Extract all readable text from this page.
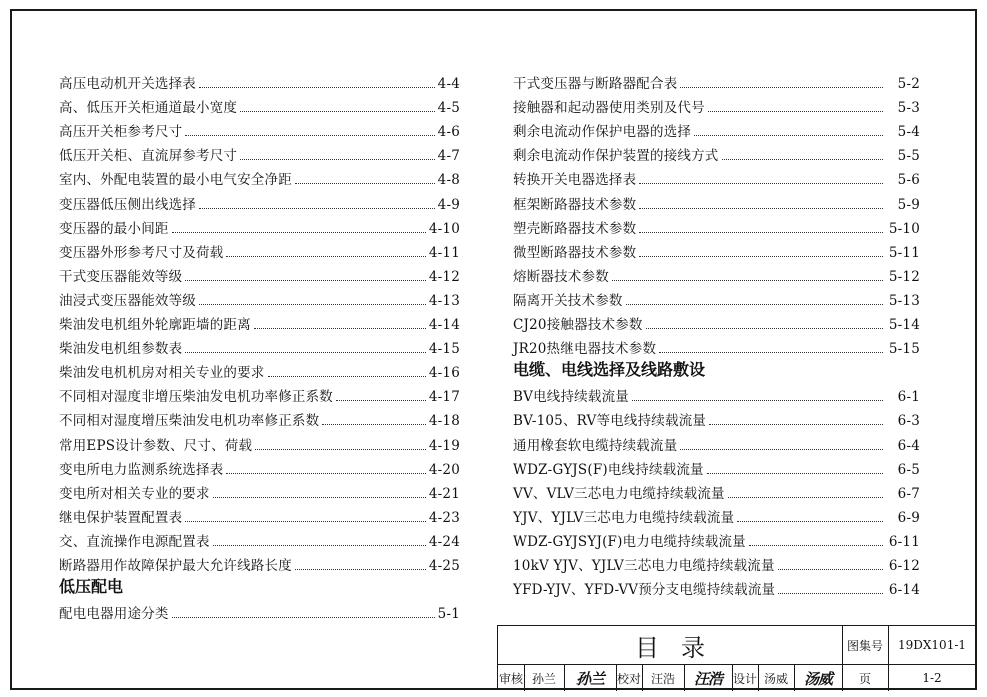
高压电动机开关选择表	4-4
高、低压开关柜通道最小宽度	4-5
高压开关柜参考尺寸	4-6
低压开关柜、直流屏参考尺寸	4-7
室内、外配电装置的最小电气安全净距	4-8
变压器低压侧出线选择	4-9
变压器的最小间距	4-10
变压器外形参考尺寸及荷载	4-11
干式变压器能效等级	4-12
油浸式变压器能效等级	4-13
柴油发电机组外轮廓距墙的距离	4-14
柴油发电机组参数表	4-15
柴油发电机机房对相关专业的要求	4-16
不同相对湿度非增压柴油发电机功率修正系数	4-17
不同相对湿度增压柴油发电机功率修正系数	4-18
常用EPS设计参数、尺寸、荷载	4-19
变电所电力监测系统选择表	4-20
变电所对相关专业的要求	4-21
继电保护装置配置表	4-23
交、直流操作电源配置表	4-24
断路器用作故障保护最大允许线路长度	4-25
低压配电
配电电器用途分类	5-1
干式变压器与断路器配合表	5-2
接触器和起动器使用类别及代号	5-3
剩余电流动作保护电器的选择	5-4
剩余电流动作保护装置的接线方式	5-5
转换开关电器选择表	5-6
框架断路器技术参数	5-9
塑壳断路器技术参数	5-10
微型断路器技术参数	5-11
熔断器技术参数	5-12
隔离开关技术参数	5-13
CJ20接触器技术参数	5-14
JR20热继电器技术参数	5-15
电缆、电线选择及线路敷设
BV电线持续载流量	6-1
BV-105、RV等电线持续载流量	6-3
通用橡套软电缆持续载流量	6-4
WDZ-GYJS(F)电线持续载流量	6-5
VV、VLV三芯电力电缆持续载流量	6-7
YJV、YJLV三芯电力电缆持续载流量	6-9
WDZ-GYJSYJ(F)电力电缆持续载流量	6-11
10kV YJV、YJLV三芯电力电缆持续载流量	6-12
YFD-YJV、YFD-VV预分支电缆持续载流量	6-14
目录	图集号 19DX101-1
审核 孙兰 孙兰 校对 汪浩 汪浩 设计 汤威 汤威 页	1-2
